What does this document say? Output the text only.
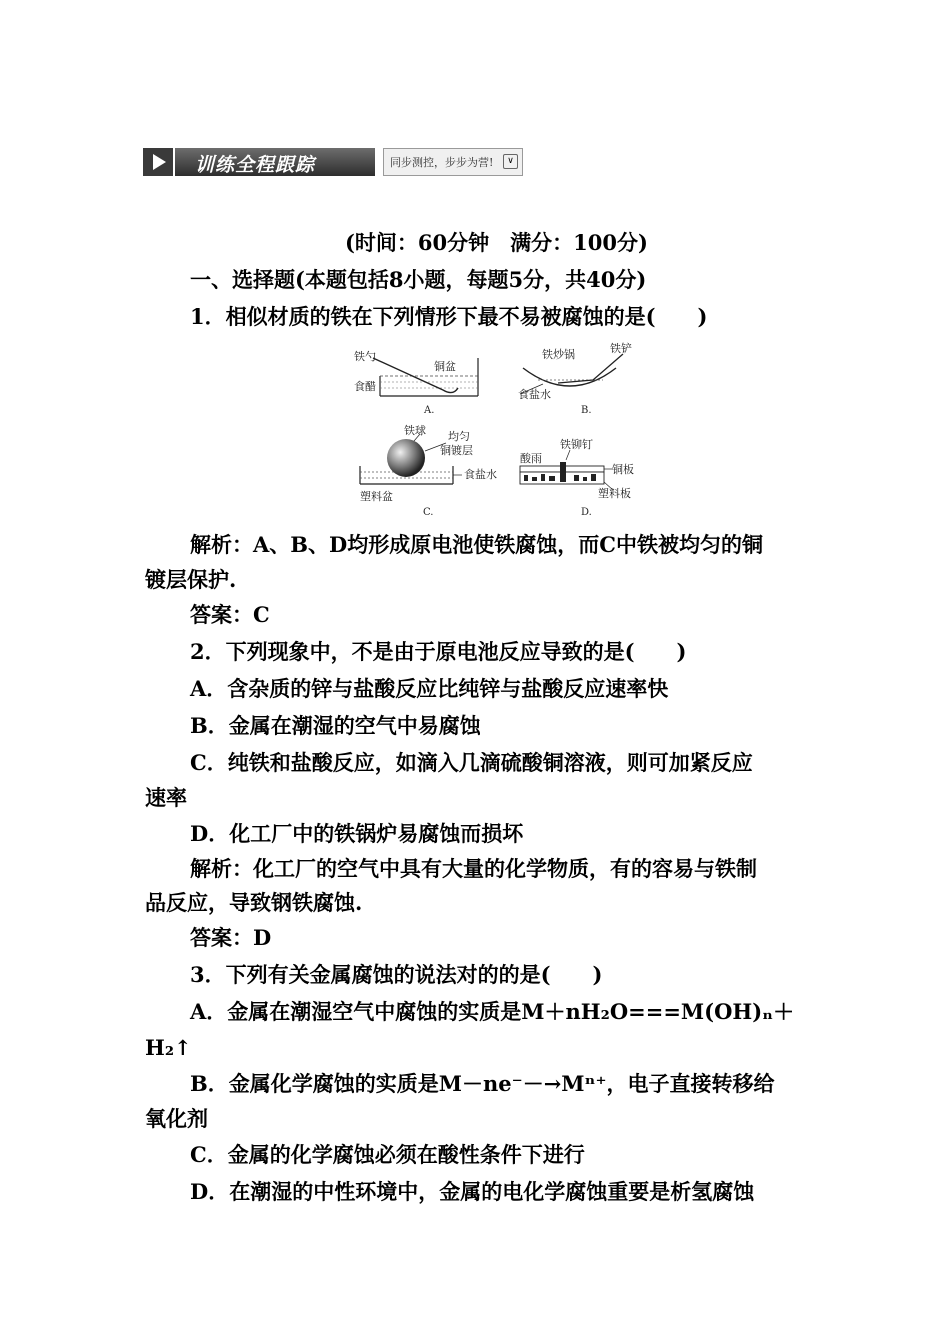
训练全程跟踪	同步测控，步步为营!	∨
(时间：60分钟　满分：100分)
一、选择题(本题包括8小题，每题5分，共40分)
1．相似材质的铁在下列情形下最不易被腐蚀的是(　　)
铁勺
铜盆
食醋
A.
铁炒锅	铁铲
食盐水
B.
铁球 均匀
铜镀层
食盐水
塑料盆
C.
铁铆钉
酸雨
铜板
塑料板
D.
解析：A、B、D均形成原电池使铁腐蚀，而C中铁被均匀的铜
镀层保护.
答案：C
2．下列现象中，不是由于原电池反应导致的是(　　)
A．含杂质的锌与盐酸反应比纯锌与盐酸反应速率快
B．金属在潮湿的空气中易腐蚀
C．纯铁和盐酸反应，如滴入几滴硫酸铜溶液，则可加紧反应
速率
D．化工厂中的铁锅炉易腐蚀而损坏
解析：化工厂的空气中具有大量的化学物质，有的容易与铁制
品反应，导致钢铁腐蚀.
答案：D
3．下列有关金属腐蚀的说法对的的是(　　)
A．金属在潮湿空气中腐蚀的实质是M＋nH₂O===M(OH)ₙ＋
H₂↑
B．金属化学腐蚀的实质是M－ne⁻－→Mⁿ⁺，电子直接转移给
氧化剂
C．金属的化学腐蚀必须在酸性条件下进行
D．在潮湿的中性环境中，金属的电化学腐蚀重要是析氢腐蚀
